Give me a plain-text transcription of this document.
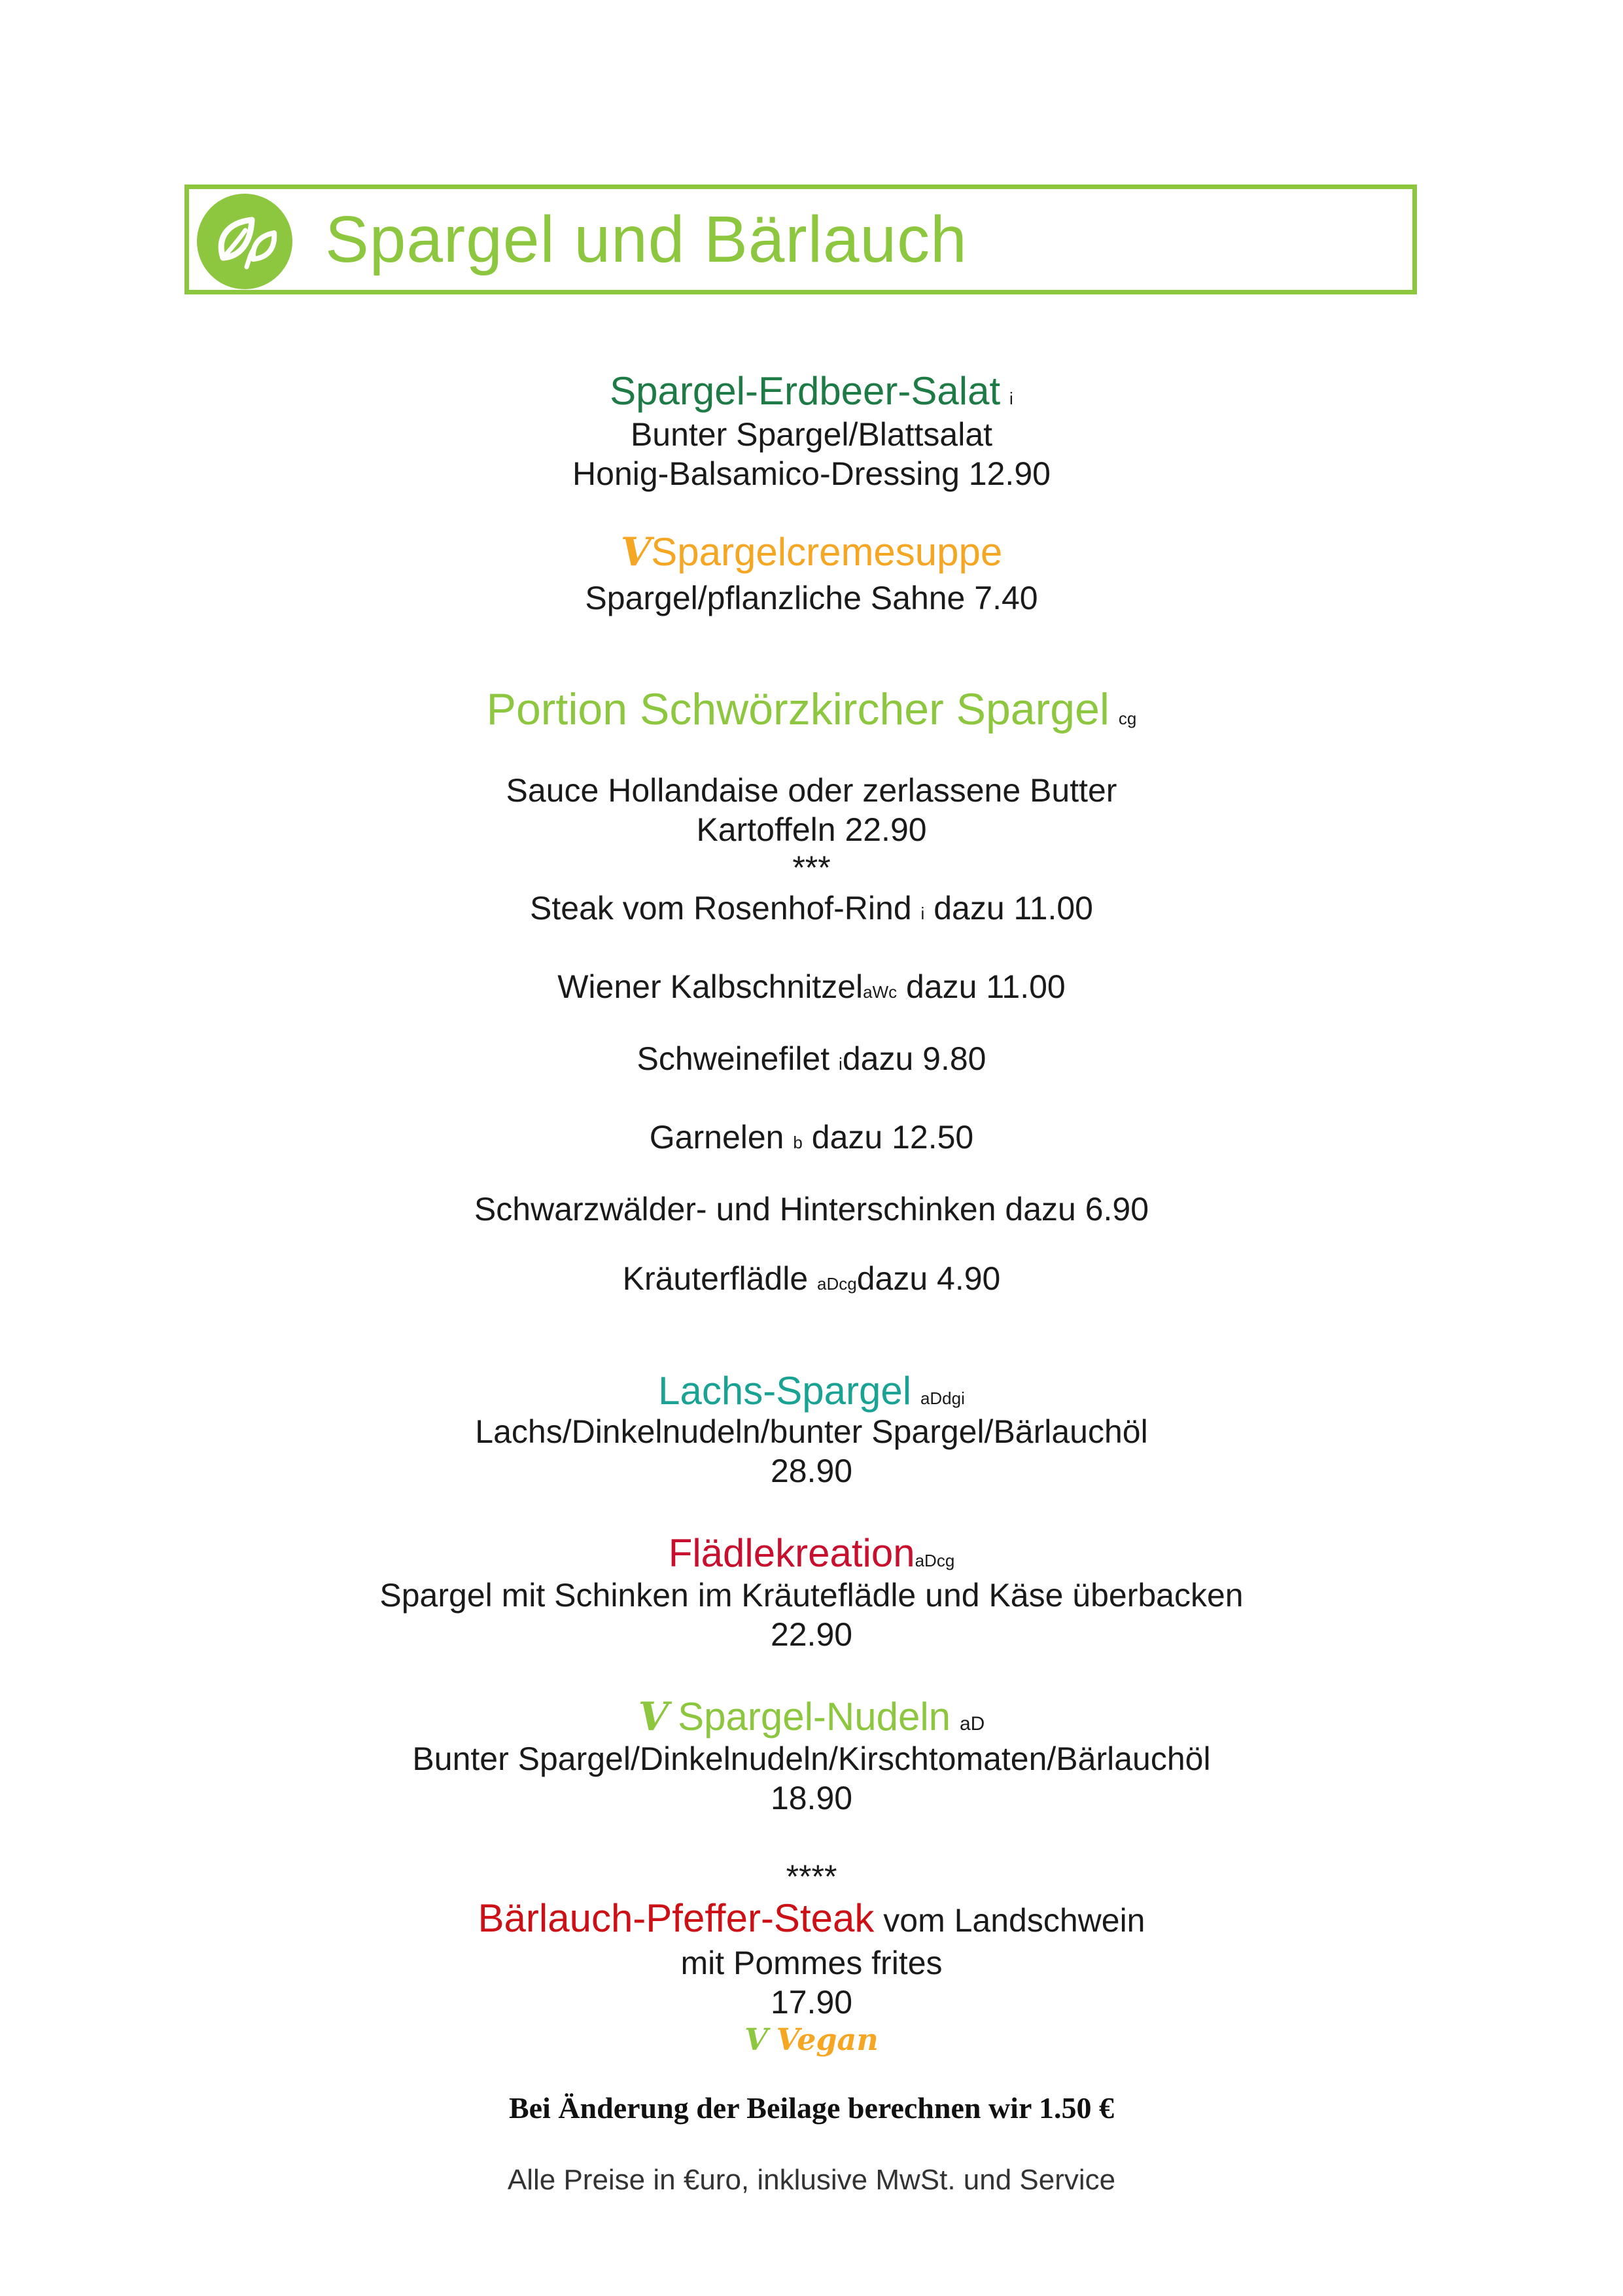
Spargel und Bärlauch
Spargel-Erdbeer-Salat i
Bunter Spargel/Blattsalat
Honig-Balsamico-Dressing 12.90
VSpargelcremesuppe
Spargel/pflanzliche Sahne 7.40
Portion Schwörzkircher Spargel cg
Sauce Hollandaise oder zerlassene Butter
Kartoffeln 22.90
***
Steak vom Rosenhof-Rind i dazu 11.00
Wiener KalbschnitzelaWc dazu 11.00
Schweinefilet idazu 9.80
Garnelen b dazu 12.50
Schwarzwälder- und Hinterschinken dazu 6.90
Kräuterflädle aDcgdazu 4.90
Lachs-Spargel aDdgi
Lachs/Dinkelnudeln/bunter Spargel/Bärlauchöl
28.90
FlädlekreationaDcg
Spargel mit Schinken im Kräuteflädle und Käse überbacken
22.90
V Spargel-Nudeln aD
Bunter Spargel/Dinkelnudeln/Kirschtomaten/Bärlauchöl
18.90
****
Bärlauch-Pfeffer-Steak vom Landschwein
mit Pommes frites
17.90
V Vegan
Bei Änderung der Beilage berechnen wir 1.50 €
Alle Preise in €uro, inklusive MwSt. und Service
